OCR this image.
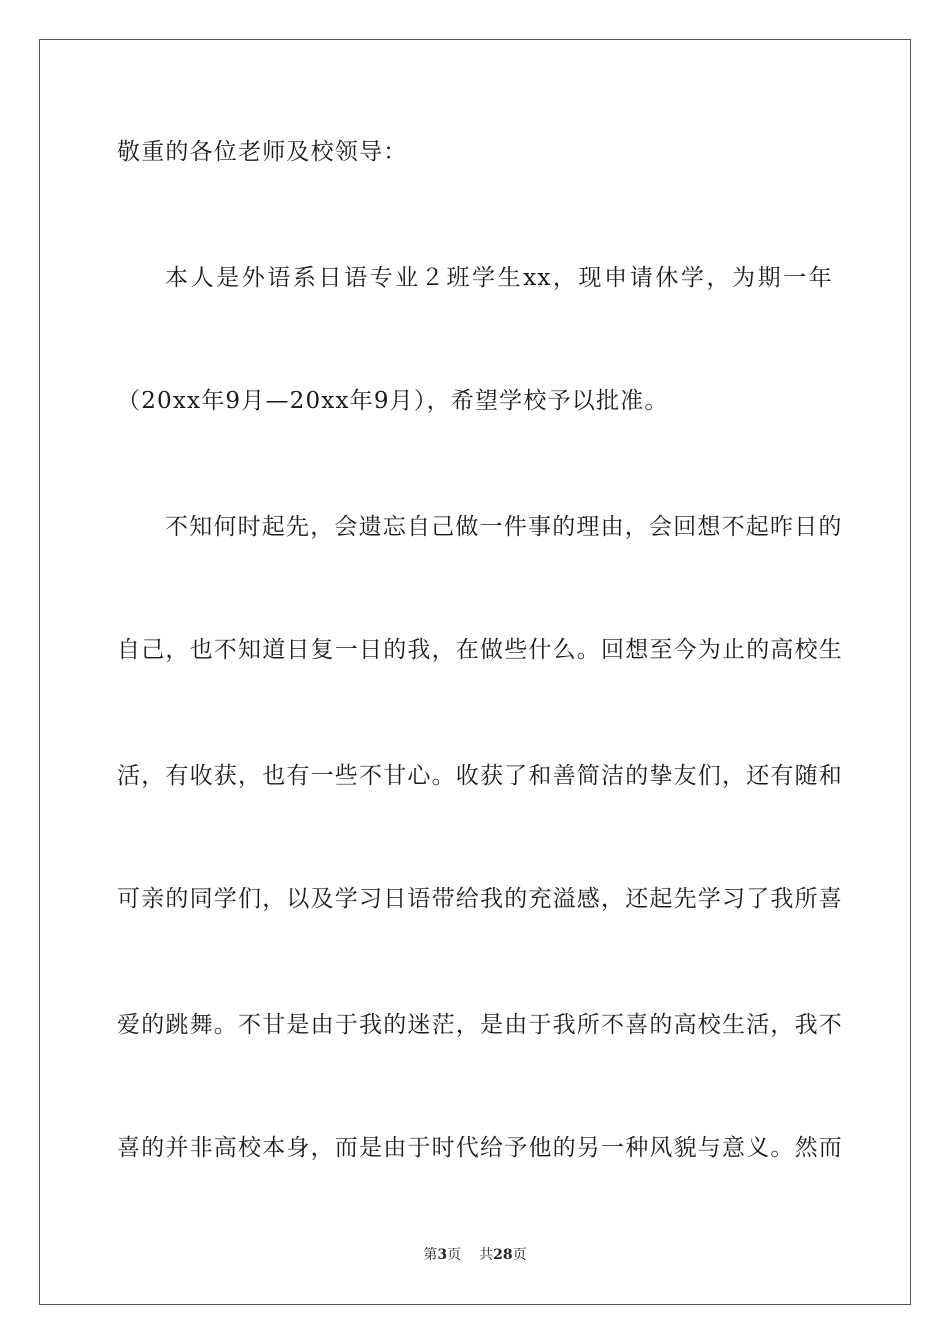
敬重的各位老师及校领导：
本人是外语系日语专业２班学生xx，现申请休学，为期一年
（20xx年9月—20xx年9月），希望学校予以批准。
不知何时起先，会遗忘自己做一件事的理由，会回想不起昨日的
自己，也不知道日复一日的我，在做些什么。回想至今为止的高校生
活，有收获，也有一些不甘心。收获了和善简洁的挚友们，还有随和
可亲的同学们，以及学习日语带给我的充溢感，还起先学习了我所喜
爱的跳舞。不甘是由于我的迷茫，是由于我所不喜的高校生活，我不
喜的并非高校本身，而是由于时代给予他的另一种风貌与意义。然而
第3页 共28页
